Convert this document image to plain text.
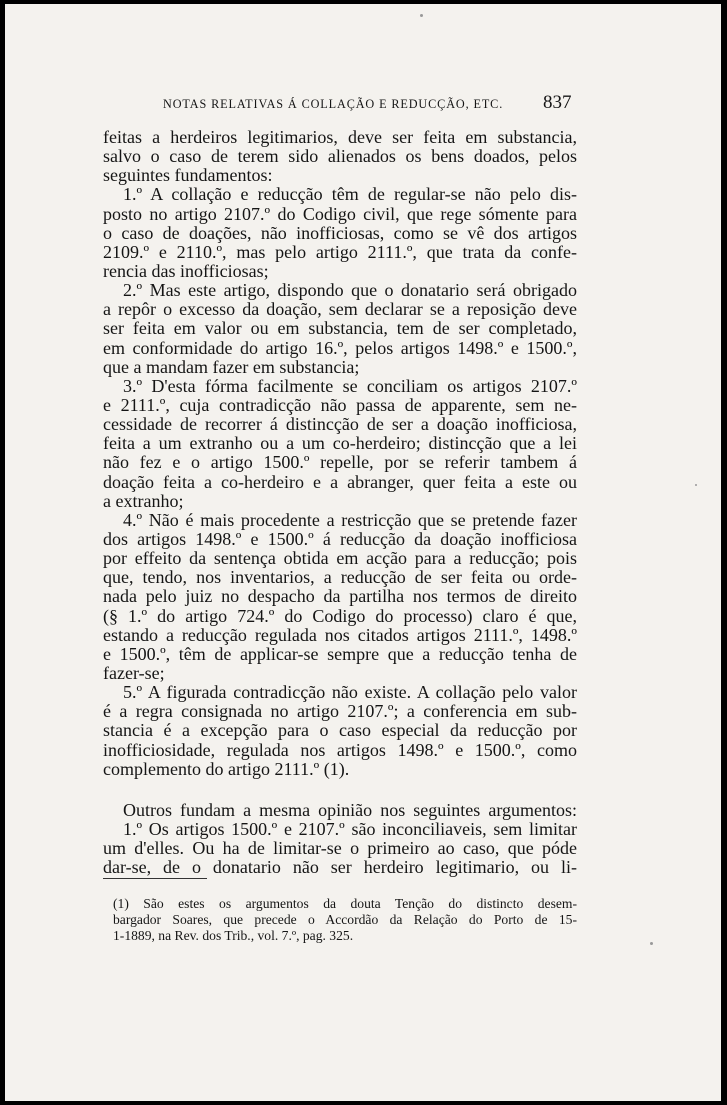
NOTAS RELATIVAS Á COLLAÇÃO E REDUCÇÃO, ETC. 837
feitas a herdeiros legitimarios, deve ser feita em substancia,
salvo o caso de terem sido alienados os bens doados, pelos
seguintes fundamentos:
1.º A collação e reducção têm de regular-se não pelo dis-
posto no artigo 2107.º do Codigo civil, que rege sómente para
o caso de doações, não inofficiosas, como se vê dos artigos
2109.º e 2110.º, mas pelo artigo 2111.º, que trata da confe-
rencia das inofficiosas;
2.º Mas este artigo, dispondo que o donatario será obrigado
a repôr o excesso da doação, sem declarar se a reposição deve
ser feita em valor ou em substancia, tem de ser completado,
em conformidade do artigo 16.º, pelos artigos 1498.º e 1500.º,
que a mandam fazer em substancia;
3.º D'esta fórma facilmente se conciliam os artigos 2107.º
e 2111.º, cuja contradicção não passa de apparente, sem ne-
cessidade de recorrer á distincção de ser a doação inofficiosa,
feita a um extranho ou a um co-herdeiro; distincção que a lei
não fez e o artigo 1500.º repelle, por se referir tambem á
doação feita a co-herdeiro e a abranger, quer feita a este ou
a extranho;
4.º Não é mais procedente a restricção que se pretende fazer
dos artigos 1498.º e 1500.º á reducção da doação inofficiosa
por effeito da sentença obtida em acção para a reducção; pois
que, tendo, nos inventarios, a reducção de ser feita ou orde-
nada pelo juiz no despacho da partilha nos termos de direito
(§ 1.º do artigo 724.º do Codigo do processo) claro é que,
estando a reducção regulada nos citados artigos 2111.º, 1498.º
e 1500.º, têm de applicar-se sempre que a reducção tenha de
fazer-se;
5.º A figurada contradicção não existe. A collação pelo valor
é a regra consignada no artigo 2107.º; a conferencia em sub-
stancia é a excepção para o caso especial da reducção por
inofficiosidade, regulada nos artigos 1498.º e 1500.º, como
complemento do artigo 2111.º (1).
Outros fundam a mesma opinião nos seguintes argumentos:
1.º Os artigos 1500.º e 2107.º são inconciliaveis, sem limitar
um d'elles. Ou ha de limitar-se o primeiro ao caso, que póde
dar-se, de o donatario não ser herdeiro legitimario, ou li-
(1) São estes os argumentos da douta Tenção do distincto desem-
bargador Soares, que precede o Accordão da Relação do Porto de 15-
1-1889, na Rev. dos Trib., vol. 7.º, pag. 325.
